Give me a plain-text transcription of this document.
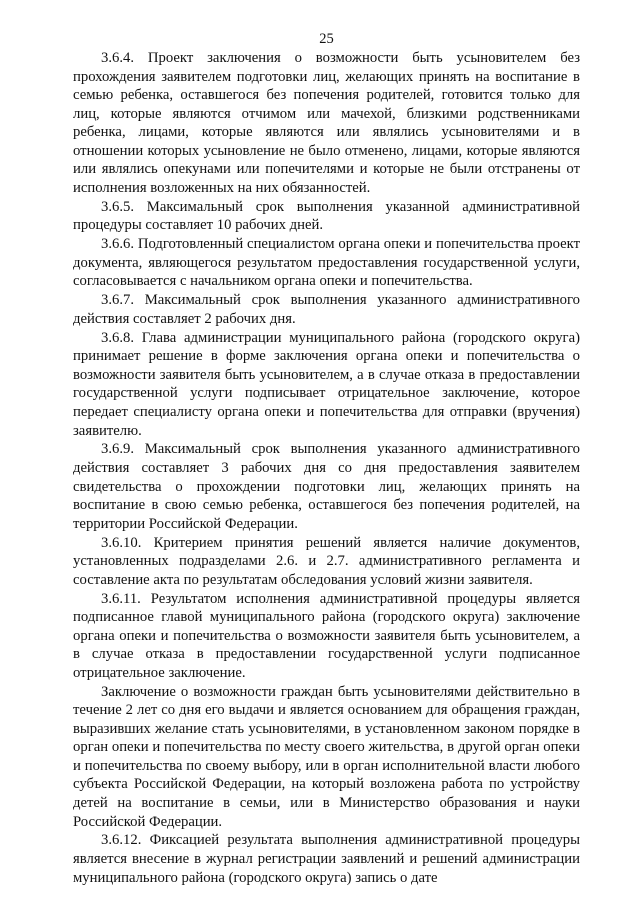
25

3.6.4. Проект заключения о возможности быть усыновителем без прохождения заявителем подготовки лиц, желающих принять на воспитание в семью ребенка, оставшегося без попечения родителей, готовится только для лиц, которые являются отчимом или мачехой, близкими родственниками ребенка, лицами, которые являются или являлись усыновителями и в отношении которых усыновление не было отменено, лицами, которые являются или являлись опекунами или попечителями и которые не были отстранены от исполнения возложенных на них обязанностей.

3.6.5. Максимальный срок выполнения указанной административной процедуры составляет 10 рабочих дней.

3.6.6. Подготовленный специалистом органа опеки и попечительства проект документа, являющегося результатом предоставления государственной услуги, согласовывается с начальником органа опеки и попечительства.

3.6.7. Максимальный срок выполнения указанного административного действия составляет 2 рабочих дня.

3.6.8. Глава администрации муниципального района (городского округа) принимает решение в форме заключения органа опеки и попечительства о возможности заявителя быть усыновителем, а в случае отказа в предоставлении государственной услуги подписывает отрицательное заключение, которое передает специалисту органа опеки и попечительства для отправки (вручения) заявителю.

3.6.9. Максимальный срок выполнения указанного административного действия составляет 3 рабочих дня со дня предоставления заявителем свидетельства о прохождении подготовки лиц, желающих принять на воспитание в свою семью ребенка, оставшегося без попечения родителей, на территории Российской Федерации.

3.6.10. Критерием принятия решений является наличие документов, установленных подразделами 2.6. и 2.7. административного регламента и составление акта по результатам обследования условий жизни заявителя.

3.6.11. Результатом исполнения административной процедуры является подписанное главой муниципального района (городского округа) заключение органа опеки и попечительства о возможности заявителя быть усыновителем, а в случае отказа в предоставлении государственной услуги подписанное отрицательное заключение.

Заключение о возможности граждан быть усыновителями действительно в течение 2 лет со дня его выдачи и является основанием для обращения граждан, выразивших желание стать усыновителями, в установленном законом порядке в орган опеки и попечительства по месту своего жительства, в другой орган опеки и попечительства по своему выбору, или в орган исполнительной власти любого субъекта Российской Федерации, на который возложена работа по устройству детей на воспитание в семьи, или в Министерство образования и науки Российской Федерации.

3.6.12. Фиксацией результата выполнения административной процедуры является внесение в журнал регистрации заявлений и решений администрации муниципального района (городского округа) запись о дате
